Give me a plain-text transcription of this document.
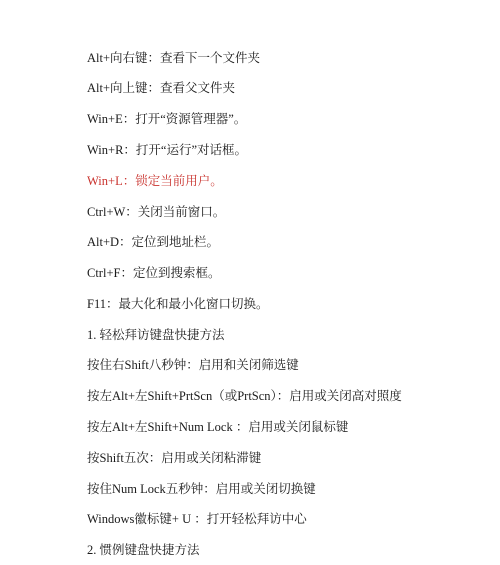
Alt+向右键：查看下一个文件夹
Alt+向上键：查看父文件夹
Win+E：打开“资源管理器”。
Win+R：打开“运行”对话框。
Win+L：锁定当前用户。
Ctrl+W：关闭当前窗口。
Alt+D：定位到地址栏。
Ctrl+F：定位到搜索框。
F11：最大化和最小化窗口切换。
1. 轻松拜访键盘快捷方法
按住右Shift八秒钟：启用和关闭筛选键
按左Alt+左Shift+PrtScn（或PrtScn）：启用或关闭高对照度
按左Alt+左Shift+Num Lock ：启用或关闭鼠标键
按Shift五次：启用或关闭粘滞键
按住Num Lock五秒钟：启用或关闭切换键
Windows徽标键+ U ：打开轻松拜访中心
2. 惯例键盘快捷方法
